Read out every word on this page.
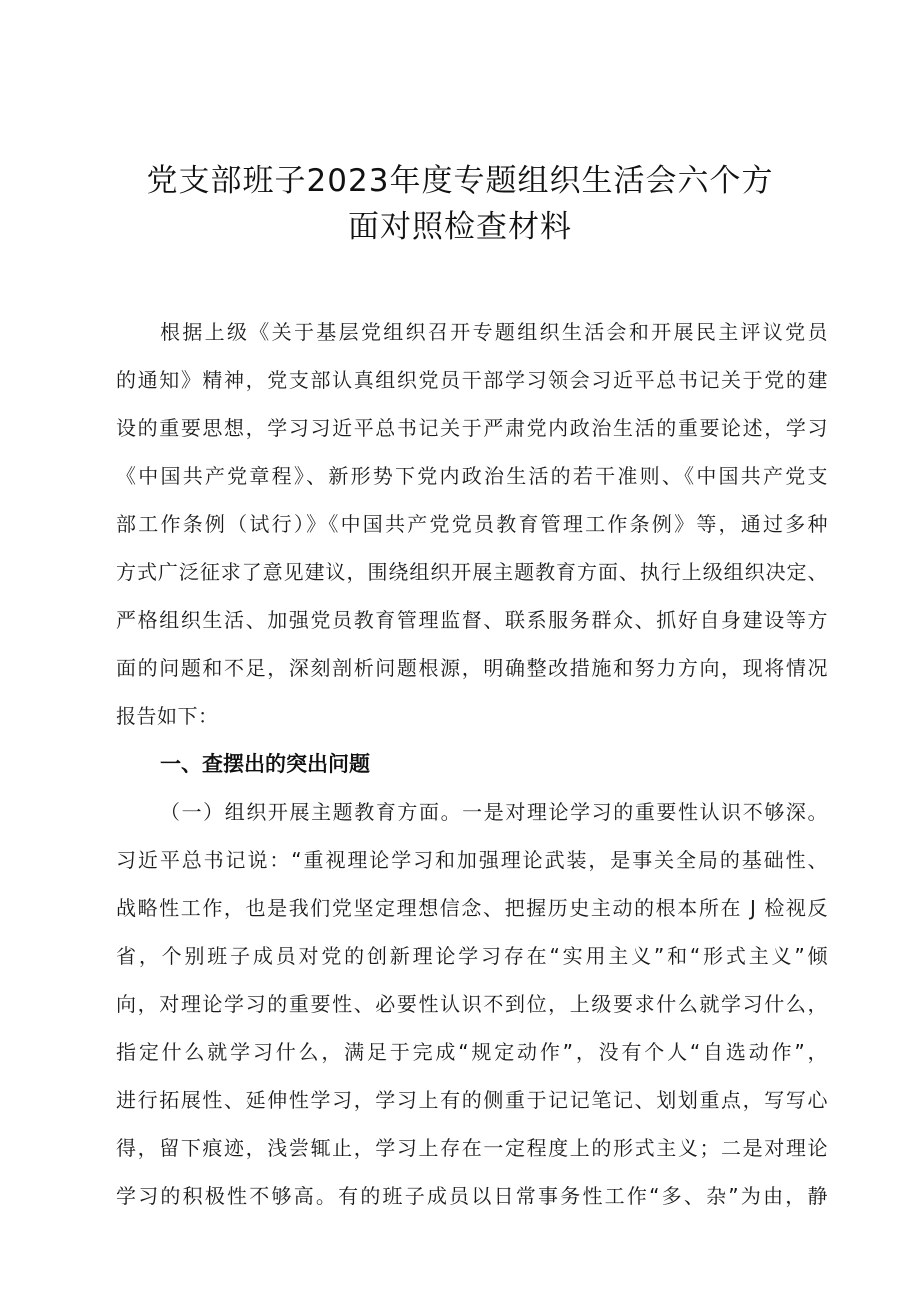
党支部班子2023年度专题组织生活会六个方
面对照检查材料
根据上级《关于基层党组织召开专题组织生活会和开展民主评议党员
的通知》精神，党支部认真组织党员干部学习领会习近平总书记关于党的建
设的重要思想，学习习近平总书记关于严肃党内政治生活的重要论述，学习
《中国共产党章程》、新形势下党内政治生活的若干准则、《中国共产党支
部工作条例（试行）》《中国共产党党员教育管理工作条例》等，通过多种
方式广泛征求了意见建议，围绕组织开展主题教育方面、执行上级组织决定、
严格组织生活、加强党员教育管理监督、联系服务群众、抓好自身建设等方
面的问题和不足，深刻剖析问题根源，明确整改措施和努力方向，现将情况
报告如下：
一、查摆出的突出问题
（一）组织开展主题教育方面。一是对理论学习的重要性认识不够深。
习近平总书记说：“重视理论学习和加强理论武装，是事关全局的基础性、
战略性工作，也是我们党坚定理想信念、把握历史主动的根本所在 J 检视反
省，个别班子成员对党的创新理论学习存在“实用主义”和“形式主义”倾
向，对理论学习的重要性、必要性认识不到位，上级要求什么就学习什么，
指定什么就学习什么，满足于完成“规定动作”，没有个人“自选动作”，
进行拓展性、延伸性学习，学习上有的侧重于记记笔记、划划重点，写写心
得，留下痕迹，浅尝辄止，学习上存在一定程度上的形式主义；二是对理论
学习的积极性不够高。有的班子成员以日常事务性工作“多、杂”为由，静
